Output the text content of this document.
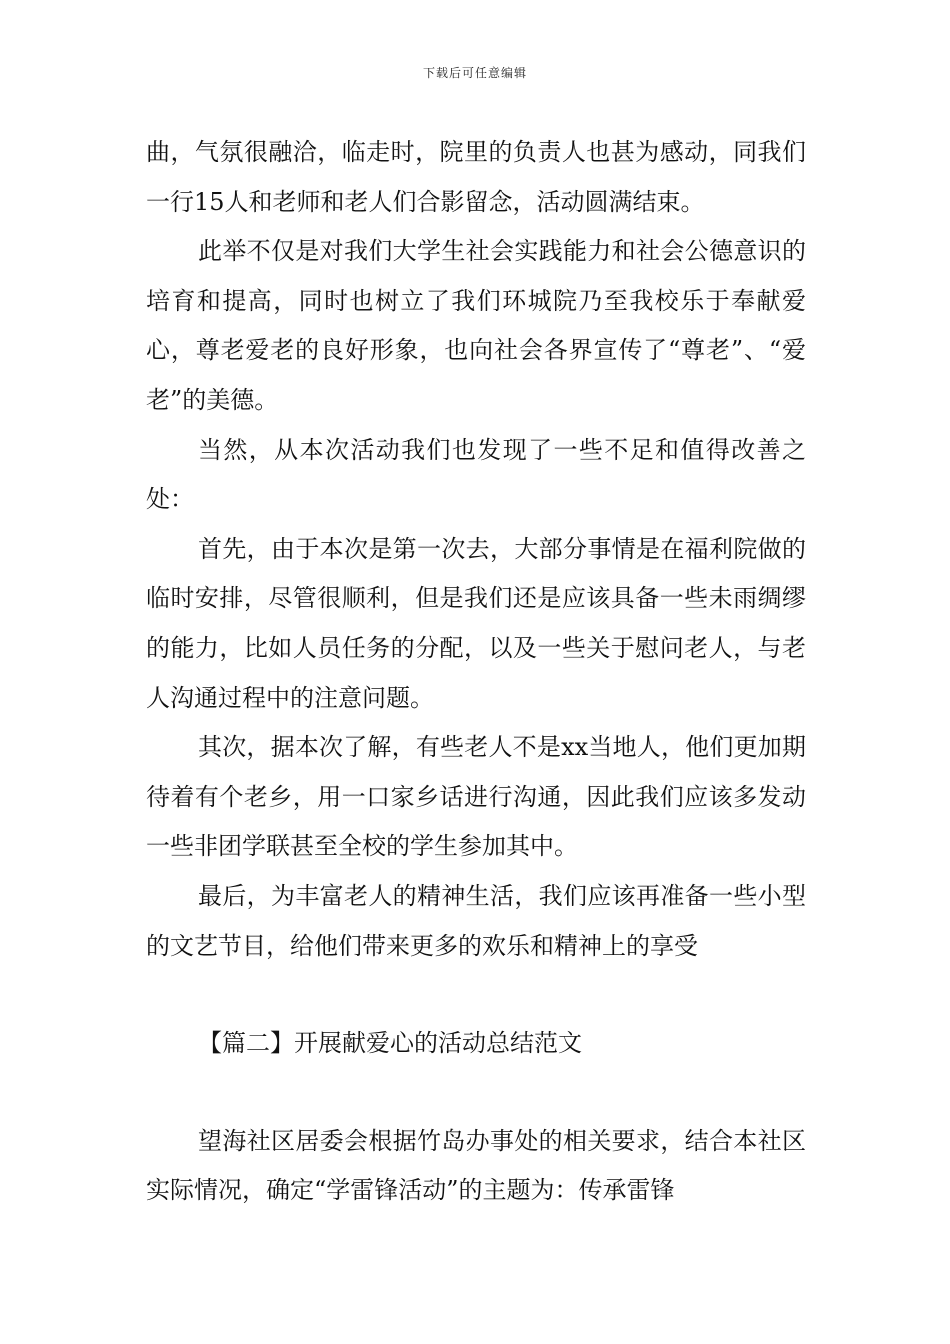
下载后可任意编辑

曲，气氛很融洽，临走时，院里的负责人也甚为感动，同我们一行15人和老师和老人们合影留念，活动圆满结束。

此举不仅是对我们大学生社会实践能力和社会公德意识的培育和提高，同时也树立了我们环城院乃至我校乐于奉献爱心，尊老爱老的良好形象，也向社会各界宣传了“尊老”、“爱老”的美德。

当然，从本次活动我们也发现了一些不足和值得改善之处：

首先，由于本次是第一次去，大部分事情是在福利院做的临时安排，尽管很顺利，但是我们还是应该具备一些未雨绸缪的能力，比如人员任务的分配，以及一些关于慰问老人，与老人沟通过程中的注意问题。

其次，据本次了解，有些老人不是xx当地人，他们更加期待着有个老乡，用一口家乡话进行沟通，因此我们应该多发动一些非团学联甚至全校的学生参加其中。

最后，为丰富老人的精神生活，我们应该再准备一些小型的文艺节目，给他们带来更多的欢乐和精神上的享受

【篇二】开展献爱心的活动总结范文

望海社区居委会根据竹岛办事处的相关要求，结合本社区实际情况，确定“学雷锋活动”的主题为：传承雷锋
